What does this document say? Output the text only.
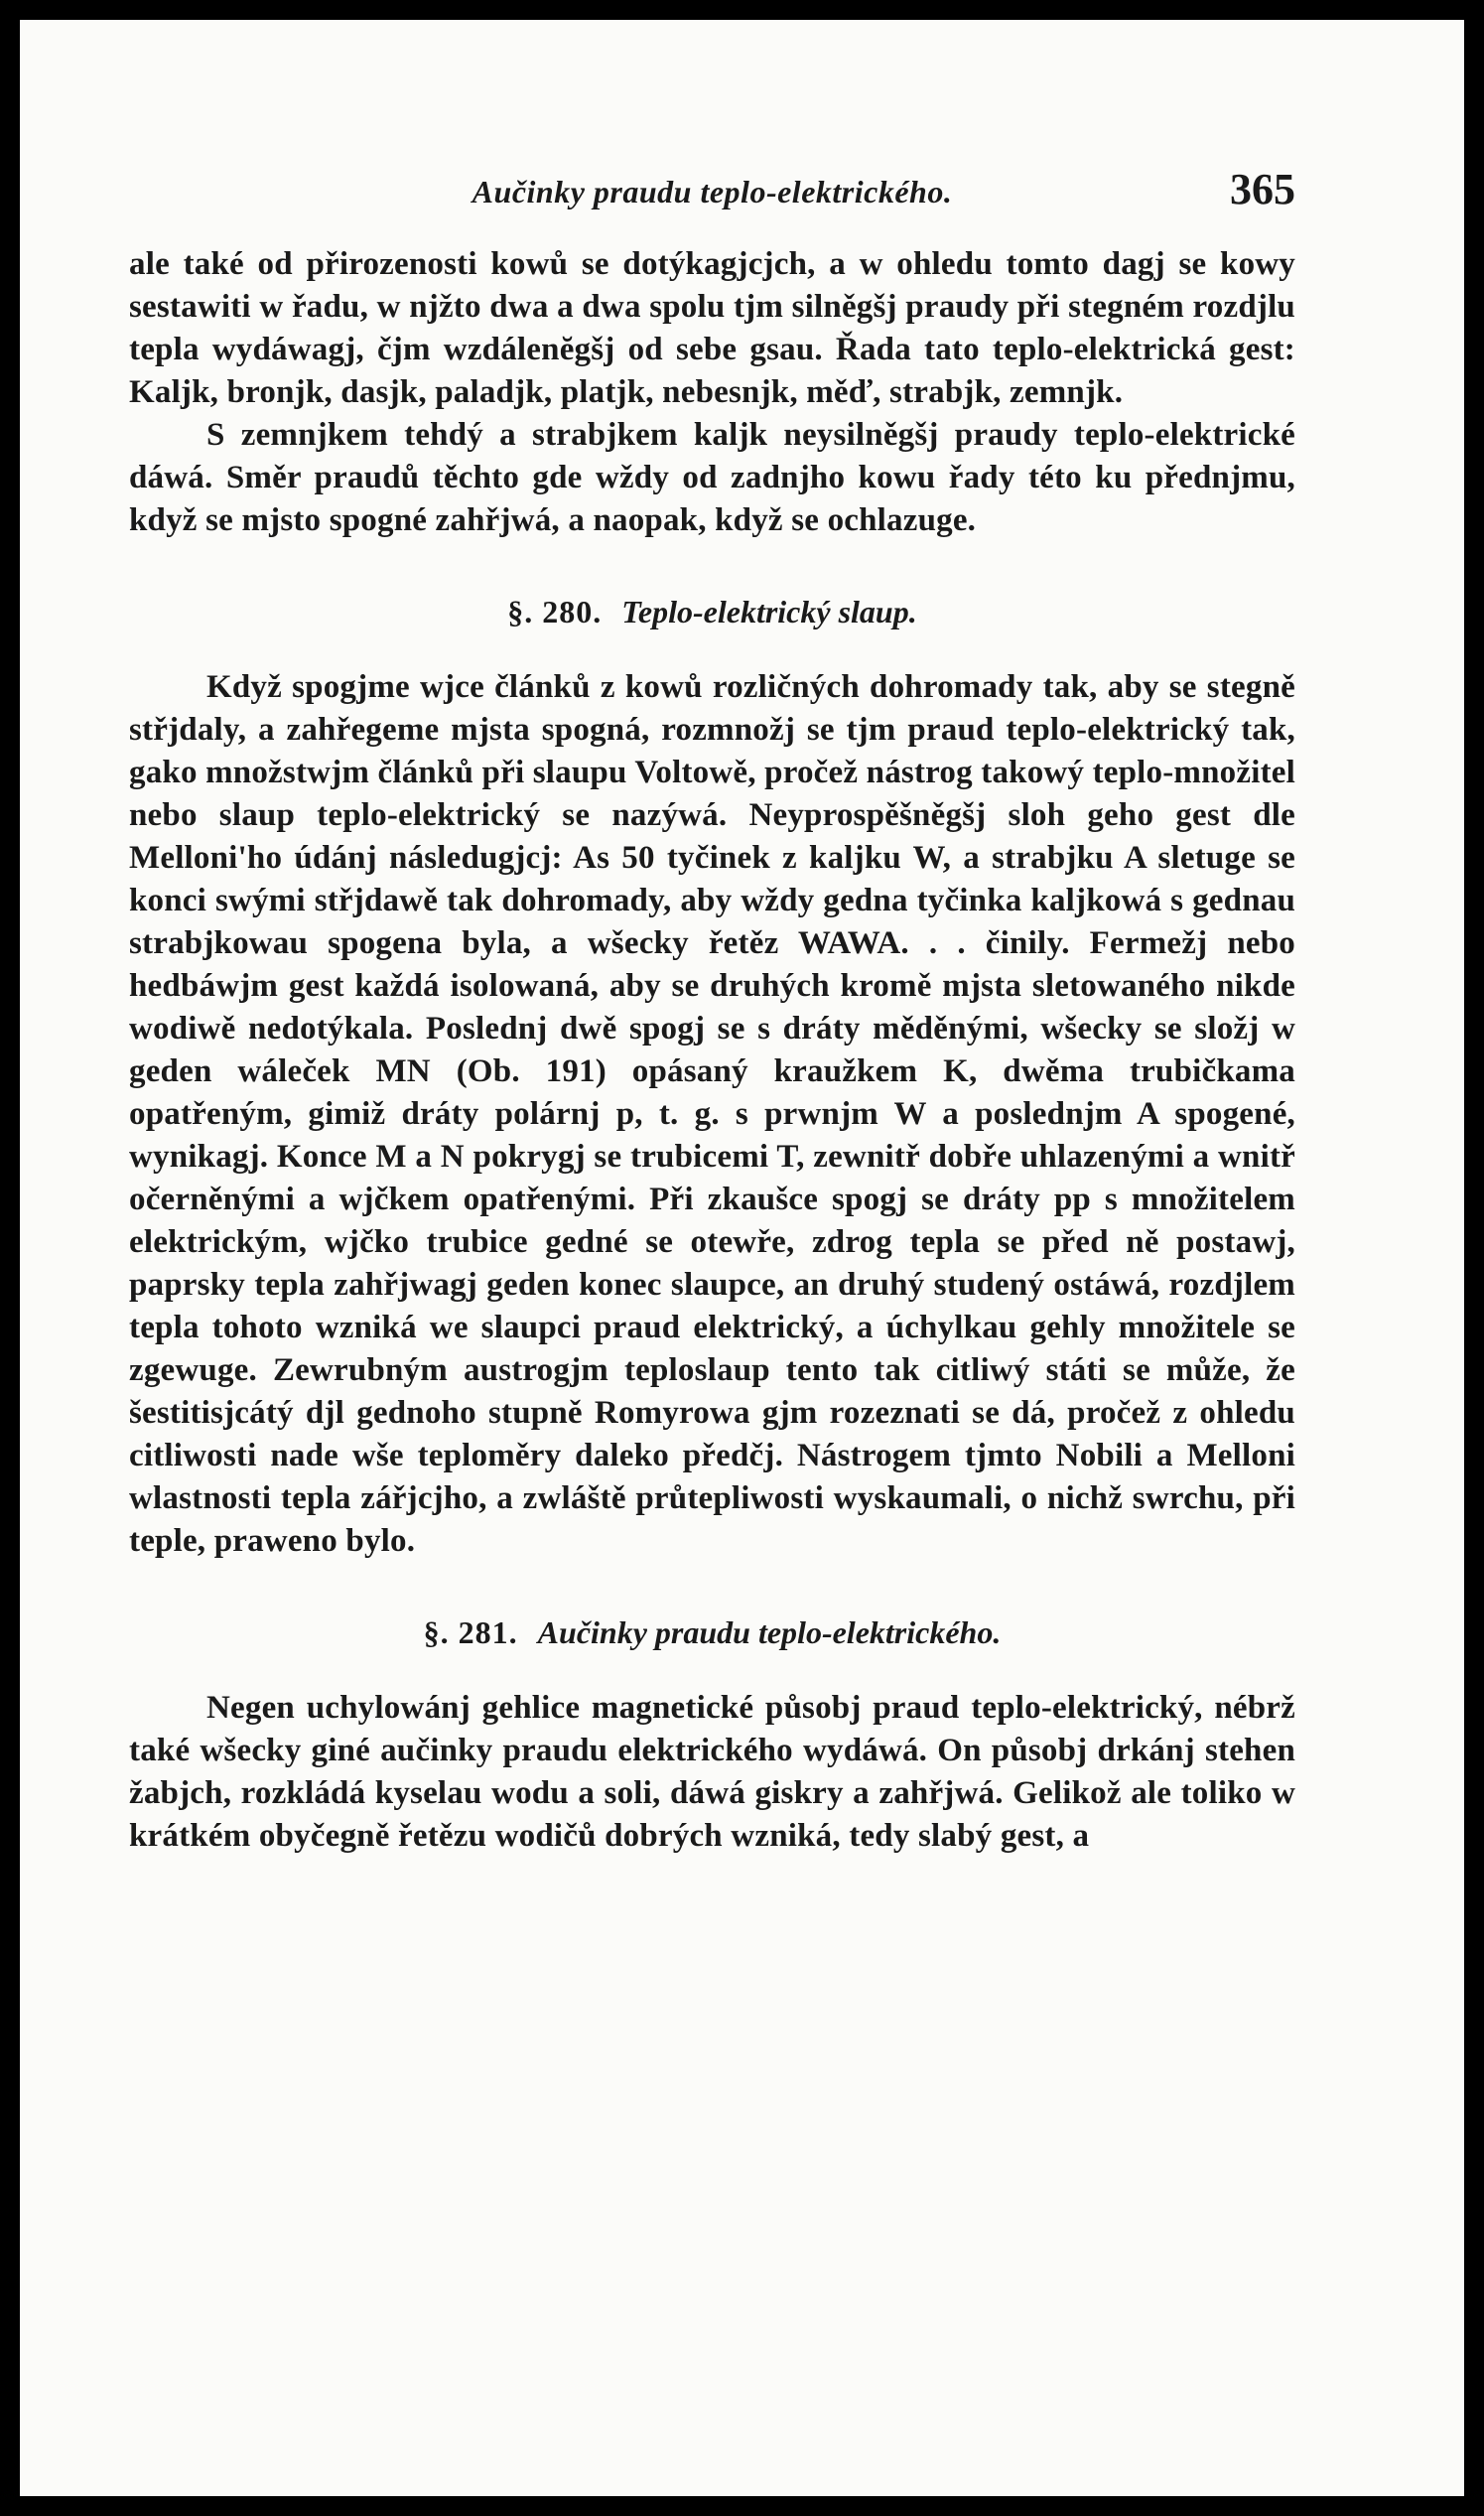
Aučinky praudu teplo-elektrického.	365

ale také od přirozenosti kowů se dotýkagjcjch, a w ohledu tomto dagj se kowy sestawiti w řadu, w njžto dwa a dwa spolu tjm silněgšj praudy při stegném rozdjlu tepla wydáwagj, čjm wzdálenĕgšj od sebe gsau. Řada tato teplo-elektrická gest: Kaljk, bronjk, dasjk, paladjk, platjk, nebesnjk, měď, strabjk, zemnjk.

S zemnjkem tehdý a strabjkem kaljk neysilněgšj praudy teplo-elektrické dáwá. Směr praudů těchto gde wždy od zadnjho kowu řady této ku přednjmu, když se mjsto spogné zahřjwá, a naopak, když se ochlazuge.

§. 280. Teplo-elektrický slaup.

Když spogjme wjce článků z kowů rozličných dohromady tak, aby se stegně střjdaly, a zahřegeme mjsta spogná, rozmnožj se tjm praud teplo-elektrický tak, gako množstwjm článků při slaupu Voltowě, pročež nástrog takowý teplo-množitel nebo slaup teplo-elektrický se nazýwá. Neyprospěšněgšj sloh geho gest dle Melloni'ho údánj následugjcj: As 50 tyčinek z kaljku W, a strabjku A sletuge se konci swými střjdawě tak dohromady, aby wždy gedna tyčinka kaljkowá s gednau strabjkowau spogena byla, a wšecky řetěz WAWA. . . činily. Fermežj nebo hedbáwjm gest každá isolowaná, aby se druhých kromě mjsta sletowaného nikde wodiwě nedotýkala. Poslednj dwě spogj se s dráty měděnými, wšecky se složj w geden wáleček MN (Ob. 191) opásaný kraužkem K, dwěma trubičkama opatřeným, gimiž dráty polárnj p, t. g. s prwnjm W a poslednjm A spogené, wynikagj. Konce M a N pokrygj se trubicemi T, zewnitř dobře uhlazenými a wnitř očerněnými a wjčkem opatřenými. Při zkaušce spogj se dráty pp s množitelem elektrickým, wjčko trubice gedné se otewře, zdrog tepla se před ně postawj, paprsky tepla zahřjwagj geden konec slaupce, an druhý studený ostáwá, rozdjlem tepla tohoto wzniká we slaupci praud elektrický, a úchylkau gehly množitele se zgewuge. Zewrubným austrogjm teploslaup tento tak citliwý státi se může, že šestitisjcátý djl gednoho stupně Romyrowa gjm rozeznati se dá, pročež z ohledu citliwosti nade wše teploměry daleko předčj. Nástrogem tjmto Nobili a Melloni wlastnosti tepla zářjcjho, a zwláště průtepliwosti wyskaumali, o nichž swrchu, při teple, praweno bylo.

§. 281. Aučinky praudu teplo-elektrického.

Negen uchylowánj gehlice magnetické působj praud teplo-elektrický, nébrž také wšecky giné aučinky praudu elektrického wydáwá. On působj drkánj stehen žabjch, rozkládá kyselau wodu a soli, dáwá giskry a zahřjwá. Gelikož ale toliko w krátkém obyčegně řetězu wodičů dobrých wzniká, tedy slabý gest, a
